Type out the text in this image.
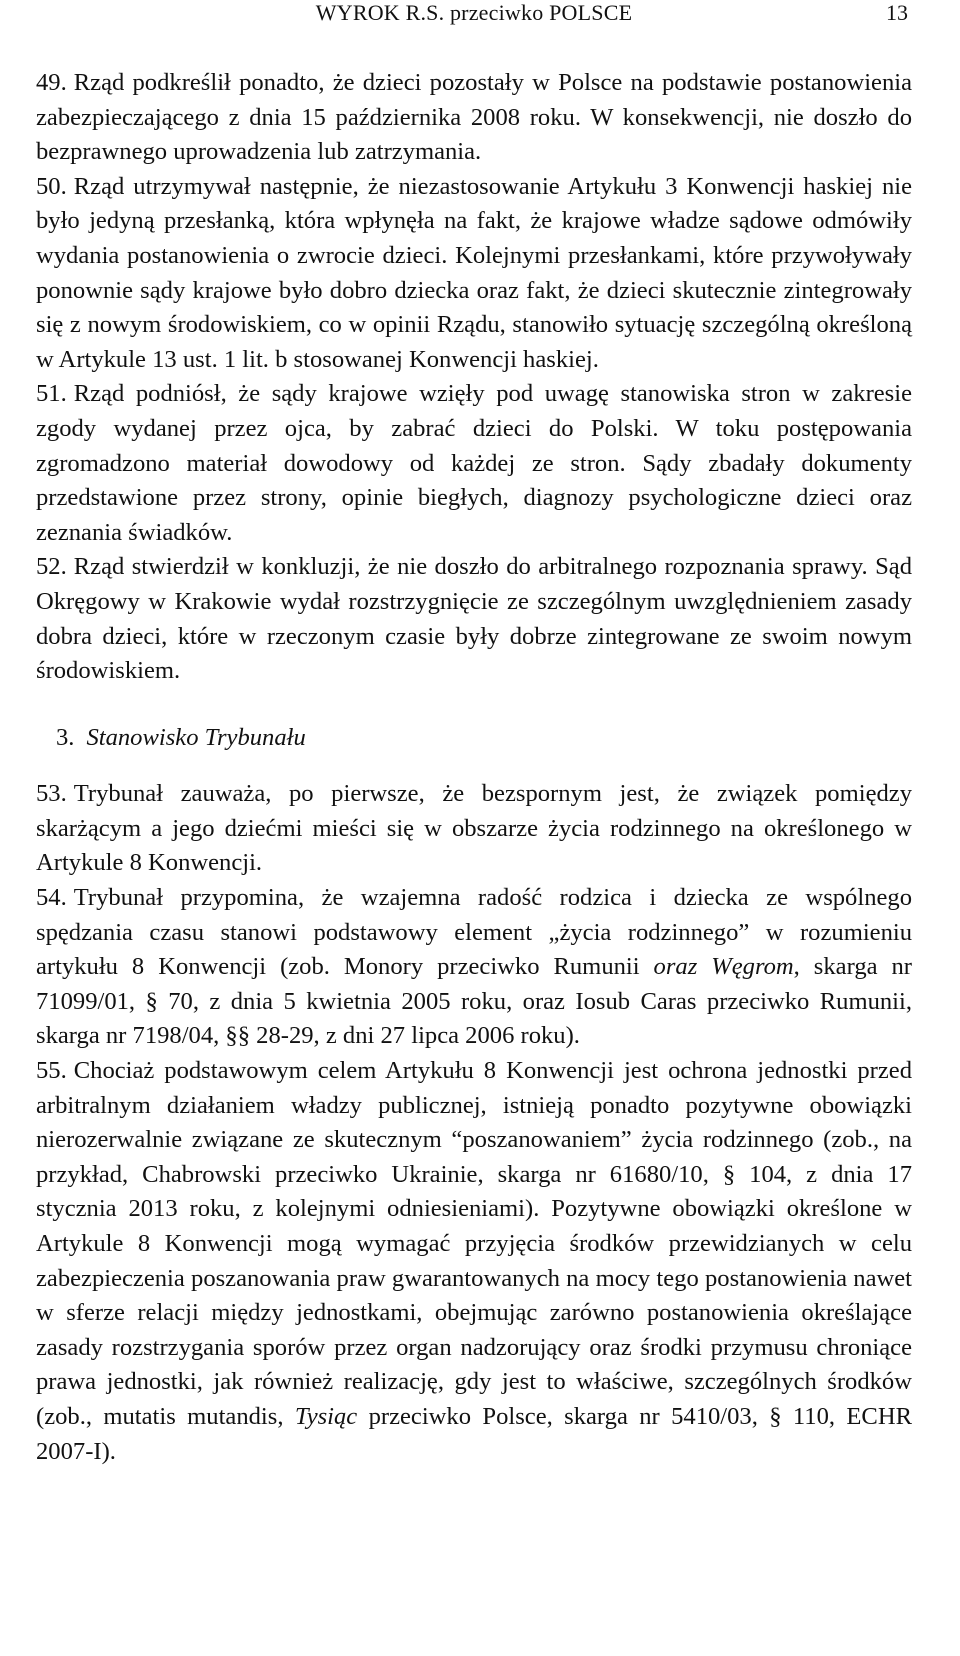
WYROK R.S. przeciwko POLSCE	13

49. Rząd podkreślił ponadto, że dzieci pozostały w Polsce na podstawie postanowienia zabezpieczającego z dnia 15 października 2008 roku. W konsekwencji, nie doszło do bezprawnego uprowadzenia lub zatrzymania.

50. Rząd utrzymywał następnie, że niezastosowanie Artykułu 3 Konwencji haskiej nie było jedyną przesłanką, która wpłynęła na fakt, że krajowe władze sądowe odmówiły wydania postanowienia o zwrocie dzieci. Kolejnymi przesłankami, które przywoływały ponownie sądy krajowe było dobro dziecka oraz fakt, że dzieci skutecznie zintegrowały się z nowym środowiskiem, co w opinii Rządu, stanowiło sytuację szczególną określoną w Artykule 13 ust. 1 lit. b stosowanej Konwencji haskiej.

51. Rząd podniósł, że sądy krajowe wzięły pod uwagę stanowiska stron w zakresie zgody wydanej przez ojca, by zabrać dzieci do Polski. W toku postępowania zgromadzono materiał dowodowy od każdej ze stron. Sądy zbadały dokumenty przedstawione przez strony, opinie biegłych, diagnozy psychologiczne dzieci oraz zeznania świadków.

52. Rząd stwierdził w konkluzji, że nie doszło do arbitralnego rozpoznania sprawy. Sąd Okręgowy w Krakowie wydał rozstrzygnięcie ze szczególnym uwzględnieniem zasady dobra dzieci, które w rzeczonym czasie były dobrze zintegrowane ze swoim nowym środowiskiem.

3. Stanowisko Trybunału

53. Trybunał zauważa, po pierwsze, że bezspornym jest, że związek pomiędzy skarżącym a jego dziećmi mieści się w obszarze życia rodzinnego na określonego w Artykule 8 Konwencji.

54. Trybunał przypomina, że wzajemna radość rodzica i dziecka ze wspólnego spędzania czasu stanowi podstawowy element „życia rodzinnego” w rozumieniu artykułu 8 Konwencji (zob. Monory przeciwko Rumunii oraz Węgrom, skarga nr 71099/01, § 70, z dnia 5 kwietnia 2005 roku, oraz Iosub Caras przeciwko Rumunii, skarga nr 7198/04, §§ 28-29, z dni 27 lipca 2006 roku).

55. Chociaż podstawowym celem Artykułu 8 Konwencji jest ochrona jednostki przed arbitralnym działaniem władzy publicznej, istnieją ponadto pozytywne obowiązki nierozerwalnie związane ze skutecznym “poszanowaniem” życia rodzinnego (zob., na przykład, Chabrowski przeciwko Ukrainie, skarga nr 61680/10, § 104, z dnia 17 stycznia 2013 roku, z kolejnymi odniesieniami). Pozytywne obowiązki określone w Artykule 8 Konwencji mogą wymagać przyjęcia środków przewidzianych w celu zabezpieczenia poszanowania praw gwarantowanych na mocy tego postanowienia nawet w sferze relacji między jednostkami, obejmując zarówno postanowienia określające zasady rozstrzygania sporów przez organ nadzorujący oraz środki przymusu chroniące prawa jednostki, jak również realizację, gdy jest to właściwe, szczególnych środków (zob., mutatis mutandis, Tysiąc przeciwko Polsce, skarga nr 5410/03, § 110, ECHR 2007-I).
